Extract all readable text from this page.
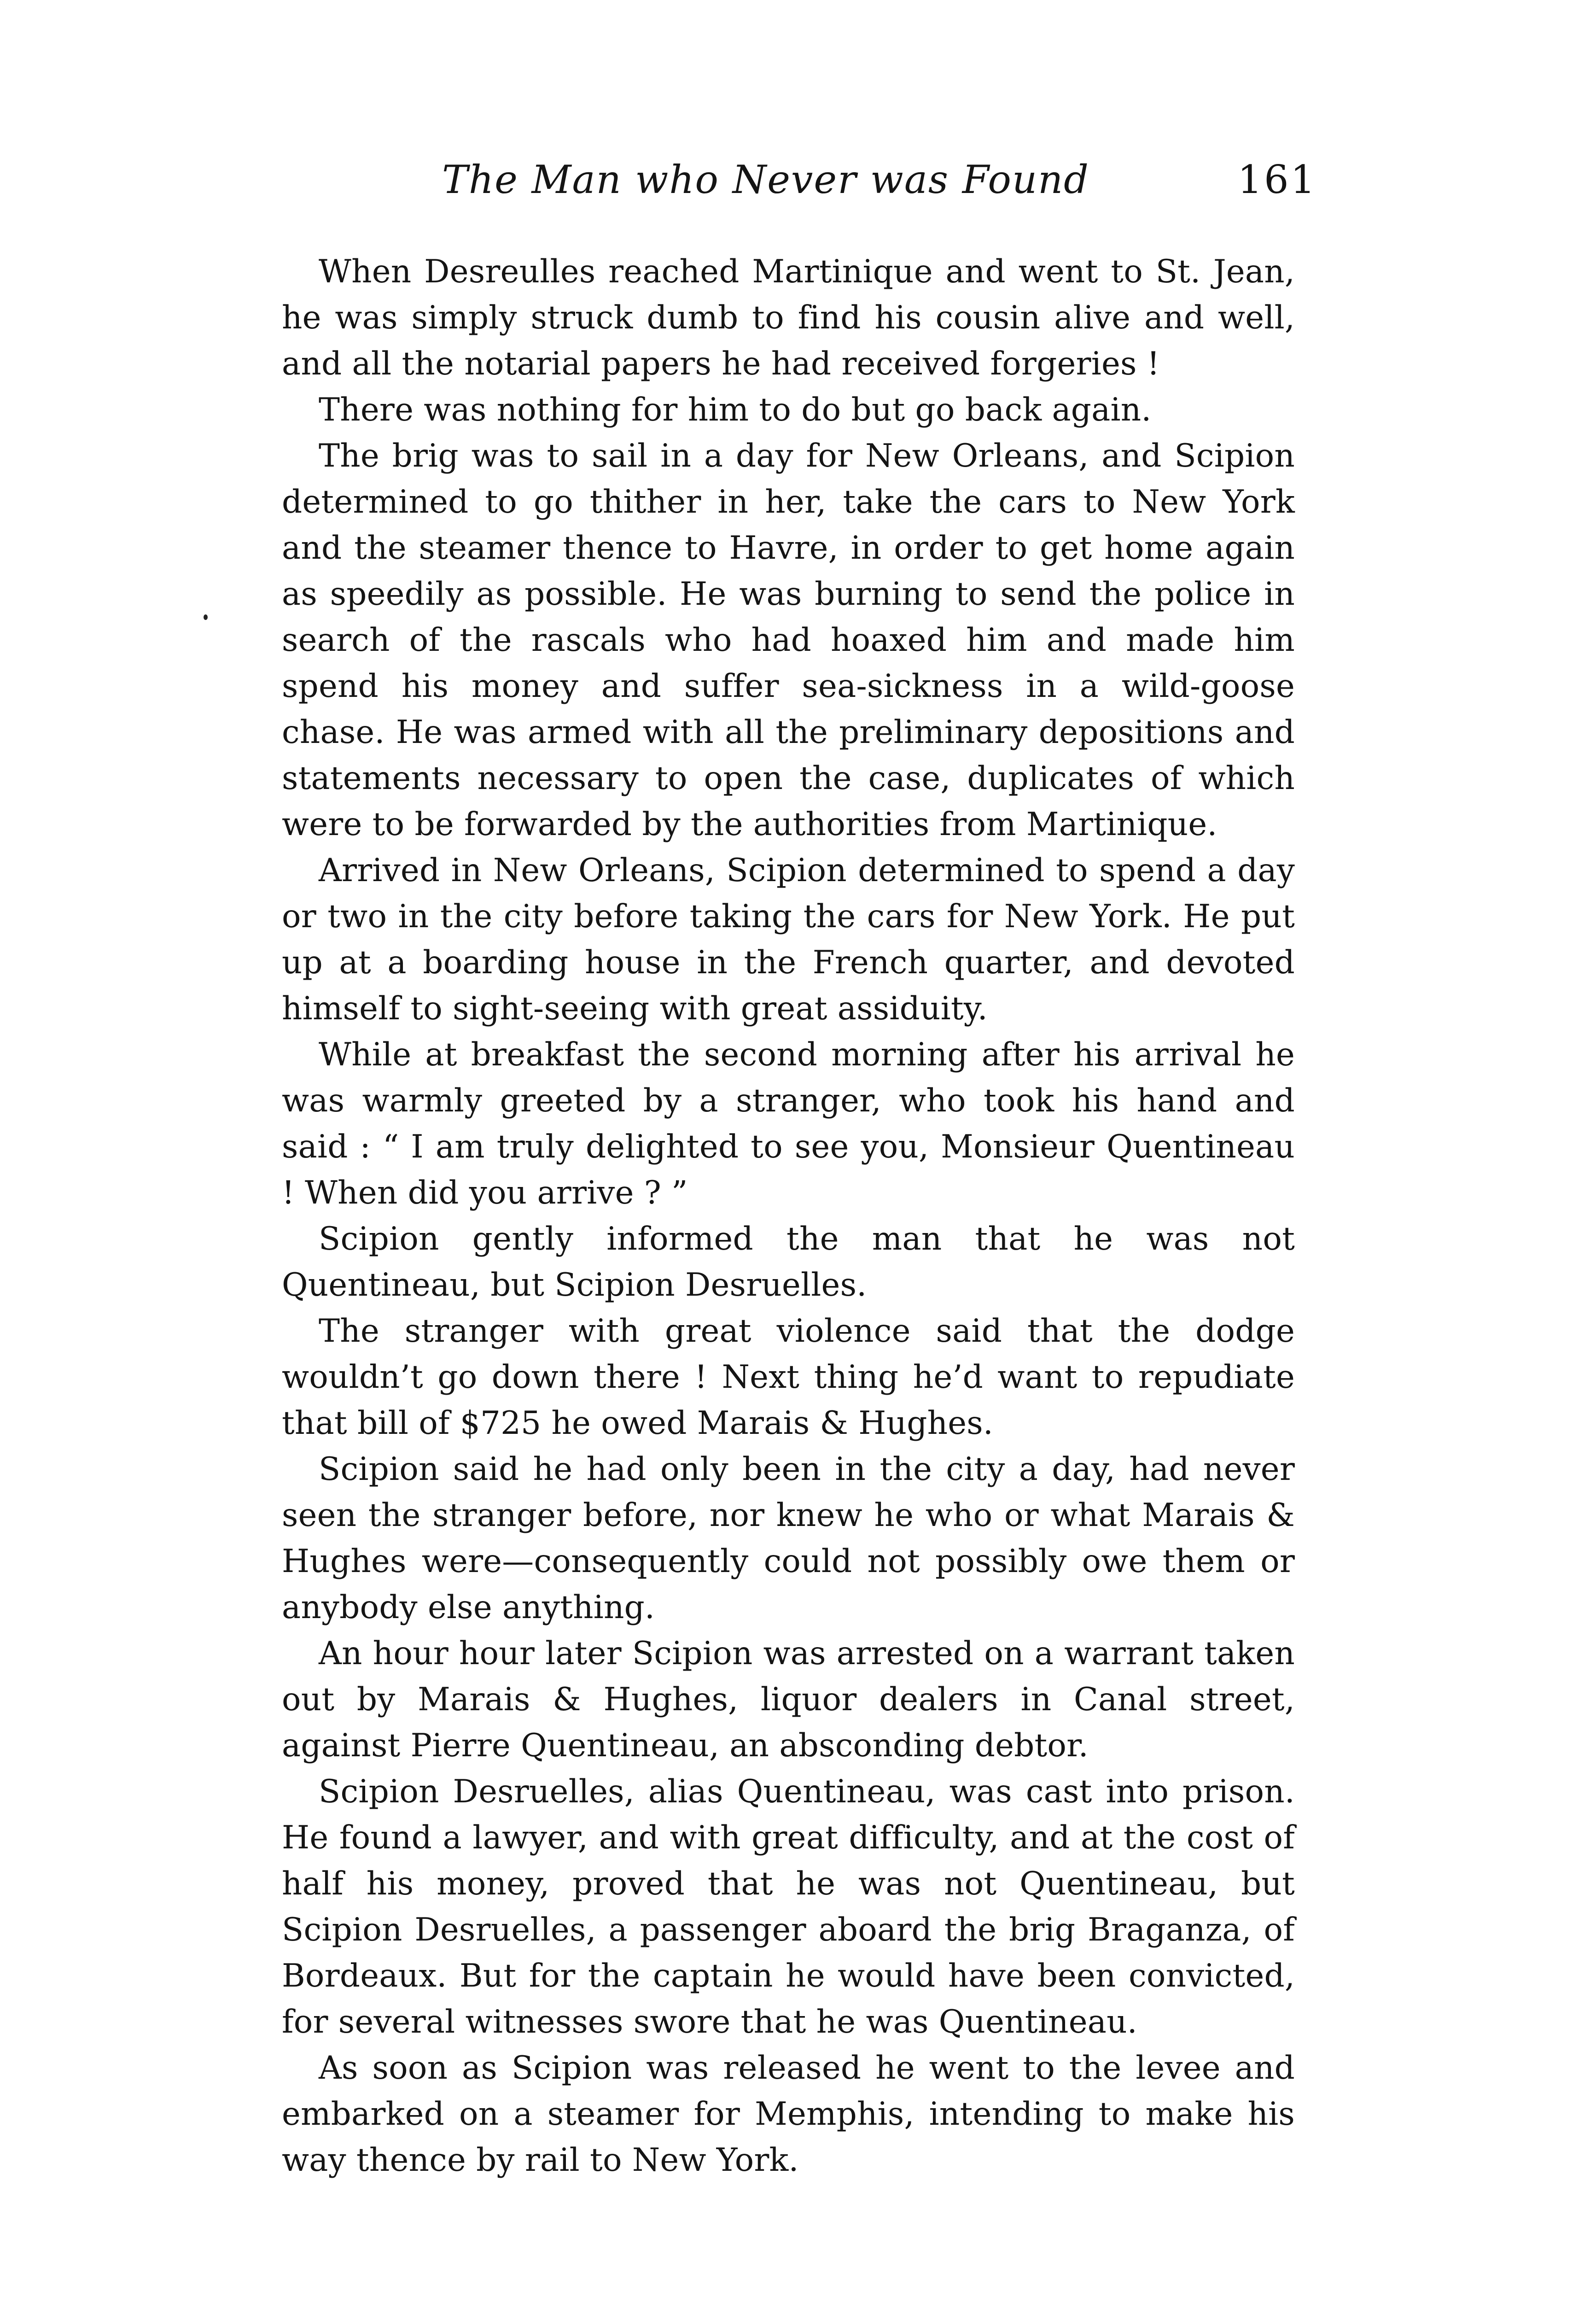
The Man who Never was Found	161

When Desreulles reached Martinique and went to St. Jean, he was simply struck dumb to find his cousin alive and well, and all the notarial papers he had received forgeries !

There was nothing for him to do but go back again.

The brig was to sail in a day for New Orleans, and Scipion determined to go thither in her, take the cars to New York and the steamer thence to Havre, in order to get home again as speedily as possible. He was burning to send the police in search of the rascals who had hoaxed him and made him spend his money and suffer sea-sickness in a wild-goose chase. He was armed with all the preliminary depositions and statements necessary to open the case, duplicates of which were to be forwarded by the authorities from Martinique.

Arrived in New Orleans, Scipion determined to spend a day or two in the city before taking the cars for New York. He put up at a boarding house in the French quarter, and devoted himself to sight-seeing with great assiduity.

While at breakfast the second morning after his arrival he was warmly greeted by a stranger, who took his hand and said : “ I am truly delighted to see you, Monsieur Quentineau ! When did you arrive ? ”

Scipion gently informed the man that he was not Quentineau, but Scipion Desruelles.

The stranger with great violence said that the dodge wouldn’t go down there ! Next thing he’d want to repudiate that bill of $725 he owed Marais & Hughes.

Scipion said he had only been in the city a day, had never seen the stranger before, nor knew he who or what Marais & Hughes were—consequently could not possibly owe them or anybody else anything.

An hour hour later Scipion was arrested on a warrant taken out by Marais & Hughes, liquor dealers in Canal street, against Pierre Quentineau, an absconding debtor.

Scipion Desruelles, alias Quentineau, was cast into prison. He found a lawyer, and with great difficulty, and at the cost of half his money, proved that he was not Quentineau, but Scipion Desruelles, a passenger aboard the brig Braganza, of Bordeaux. But for the captain he would have been convicted, for several witnesses swore that he was Quentineau.

As soon as Scipion was released he went to the levee and embarked on a steamer for Memphis, intending to make his way thence by rail to New York.
